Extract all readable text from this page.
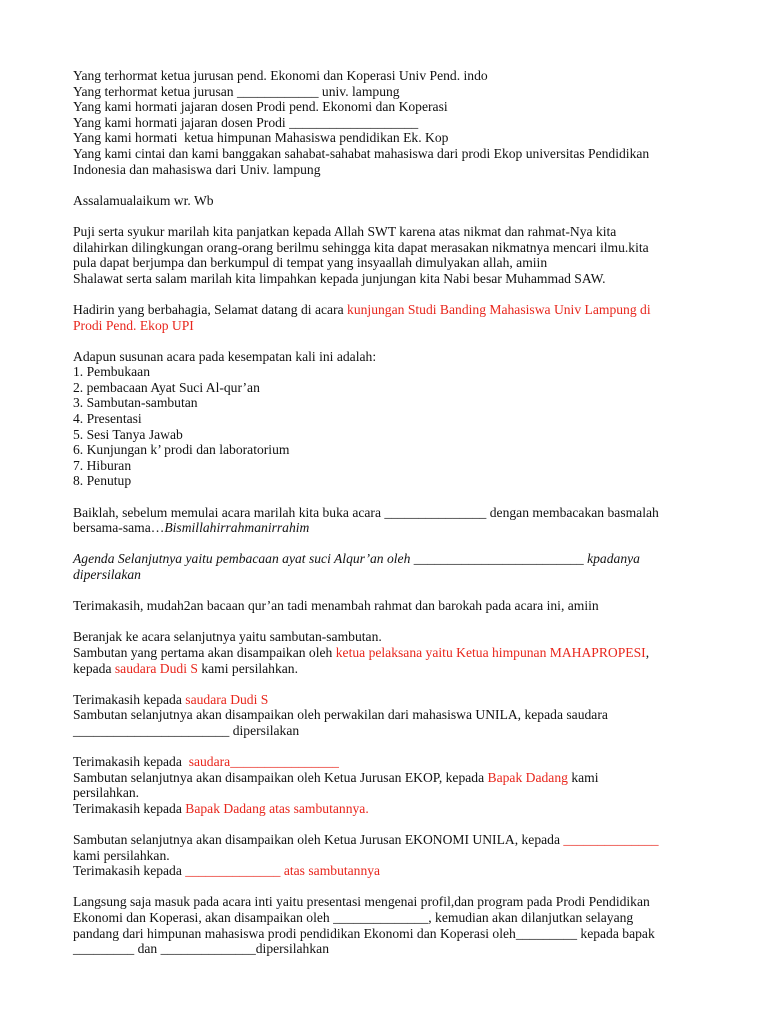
Yang terhormat ketua jurusan pend. Ekonomi dan Koperasi Univ Pend. indo
Yang terhormat ketua jurusan ____________ univ. lampung
Yang kami hormati jajaran dosen Prodi pend. Ekonomi dan Koperasi
Yang kami hormati jajaran dosen Prodi ___________________
Yang kami hormati  ketua himpunan Mahasiswa pendidikan Ek. Kop
Yang kami cintai dan kami banggakan sahabat-sahabat mahasiswa dari prodi Ekop universitas Pendidikan
Indonesia dan mahasiswa dari Univ. lampung
Assalamualaikum wr. Wb
Puji serta syukur marilah kita panjatkan kepada Allah SWT karena atas nikmat dan rahmat-Nya kita
dilahirkan dilingkungan orang-orang berilmu sehingga kita dapat merasakan nikmatnya mencari ilmu.kita
pula dapat berjumpa dan berkumpul di tempat yang insyaallah dimulyakan allah, amiin
Shalawat serta salam marilah kita limpahkan kepada junjungan kita Nabi besar Muhammad SAW.
Hadirin yang berbahagia, Selamat datang di acara kunjungan Studi Banding Mahasiswa Univ Lampung di
Prodi Pend. Ekop UPI
Adapun susunan acara pada kesempatan kali ini adalah:
1. Pembukaan
2. pembacaan Ayat Suci Al-qur’an
3. Sambutan-sambutan
4. Presentasi
5. Sesi Tanya Jawab
6. Kunjungan k’ prodi dan laboratorium
7. Hiburan
8. Penutup
Baiklah, sebelum memulai acara marilah kita buka acara _______________ dengan membacakan basmalah
bersama-sama…Bismillahirrahmanirrahim
Agenda Selanjutnya yaitu pembacaan ayat suci Alqur’an oleh _________________________ kpadanya
dipersilakan
Terimakasih, mudah2an bacaan qur’an tadi menambah rahmat dan barokah pada acara ini, amiin
Beranjak ke acara selanjutnya yaitu sambutan-sambutan.
Sambutan yang pertama akan disampaikan oleh ketua pelaksana yaitu Ketua himpunan MAHAPROPESI,
kepada saudara Dudi S kami persilahkan.
Terimakasih kepada saudara Dudi S
Sambutan selanjutnya akan disampaikan oleh perwakilan dari mahasiswa UNILA, kepada saudara
_______________________ dipersilakan
Terimakasih kepada  saudara________________
Sambutan selanjutnya akan disampaikan oleh Ketua Jurusan EKOP, kepada Bapak Dadang kami
persilahkan.
Terimakasih kepada Bapak Dadang atas sambutannya.
Sambutan selanjutnya akan disampaikan oleh Ketua Jurusan EKONOMI UNILA, kepada ______________
kami persilahkan.
Terimakasih kepada ______________ atas sambutannya
Langsung saja masuk pada acara inti yaitu presentasi mengenai profil,dan program pada Prodi Pendidikan
Ekonomi dan Koperasi, akan disampaikan oleh ______________, kemudian akan dilanjutkan selayang
pandang dari himpunan mahasiswa prodi pendidikan Ekonomi dan Koperasi oleh_________ kepada bapak
_________ dan ______________dipersilahkan
